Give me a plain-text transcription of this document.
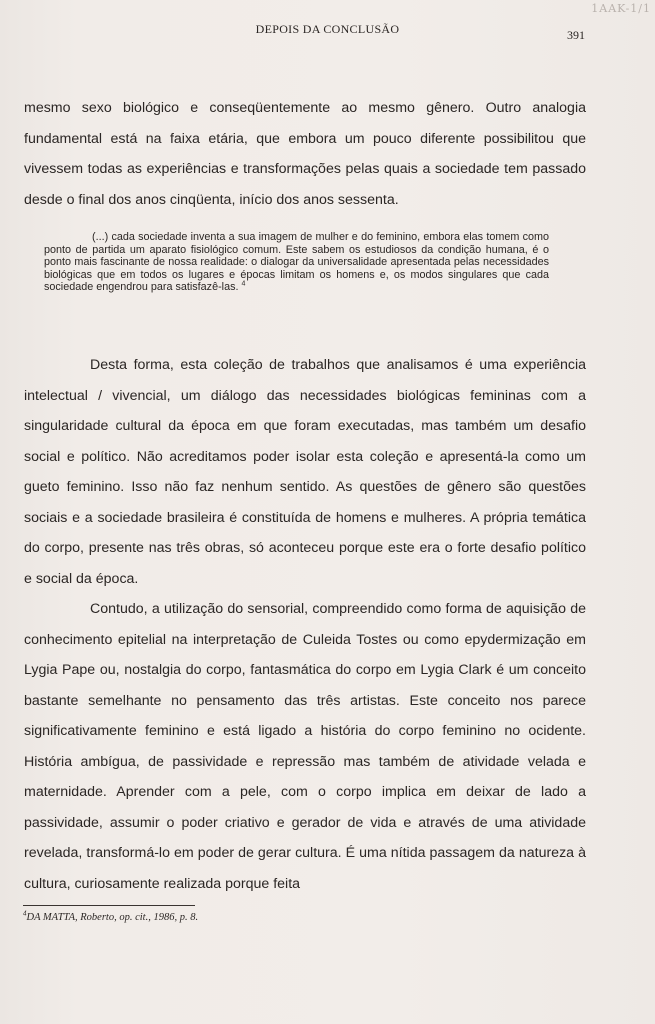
1AAK-1/1
DEPOIS DA CONCLUSÃO	391

mesmo sexo biológico e conseqüentemente ao mesmo gênero. Outro analogia fundamental está na faixa etária, que embora um pouco diferente possibilitou que vivessem todas as experiências e transformações pelas quais a sociedade tem passado desde o final dos anos cinqüenta, início dos anos sessenta.

(...) cada sociedade inventa a sua imagem de mulher e do feminino, embora elas tomem como ponto de partida um aparato fisiológico comum. Este sabem os estudiosos da condição humana, é o ponto mais fascinante de nossa realidade: o dialogar da universalidade apresentada pelas necessidades biológicas que em todos os lugares e épocas limitam os homens e, os modos singulares que cada sociedade engendrou para satisfazê-las. $^4$

Desta forma, esta coleção de trabalhos que analisamos é uma experiência intelectual / vivencial, um diálogo das necessidades biológicas femininas com a singularidade cultural da época em que foram executadas, mas também um desafio social e político. Não acreditamos poder isolar esta coleção e apresentá-la como um gueto feminino. Isso não faz nenhum sentido. As questões de gênero são questões sociais e a sociedade brasileira é constituída de homens e mulheres. A própria temática do corpo, presente nas três obras, só aconteceu porque este era o forte desafio político e social da época.

Contudo, a utilização do sensorial, compreendido como forma de aquisição de conhecimento epitelial na interpretação de Culeida Tostes ou como epydermização em Lygia Pape ou, nostalgia do corpo, fantasmática do corpo em Lygia Clark é um conceito bastante semelhante no pensamento das três artistas. Este conceito nos parece significativamente feminino e está ligado a história do corpo feminino no ocidente. História ambígua, de passividade e repressão mas também de atividade velada e maternidade. Aprender com a pele, com o corpo implica em deixar de lado a passividade, assumir o poder criativo e gerador de vida e através de uma atividade revelada, transformá-lo em poder de gerar cultura. É uma nítida passagem da natureza à cultura, curiosamente realizada porque feita

$^4$DA MATTA, Roberto, op. cit., 1986, p. 8.
